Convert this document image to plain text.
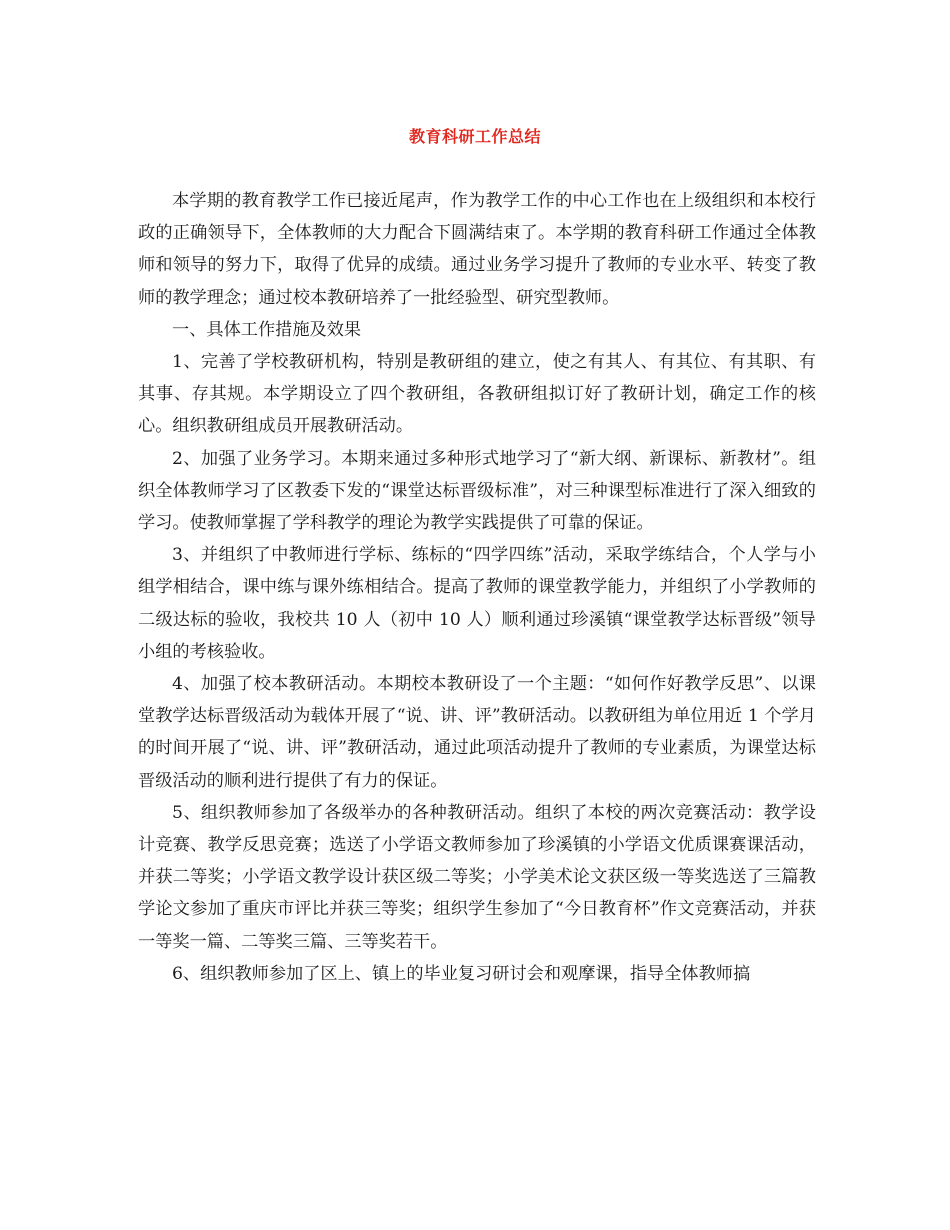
教育科研工作总结

本学期的教育教学工作已接近尾声，作为教学工作的中心工作也在上级组织和本校行政的正确领导下，全体教师的大力配合下圆满结束了。本学期的教育科研工作通过全体教师和领导的努力下，取得了优异的成绩。通过业务学习提升了教师的专业水平、转变了教师的教学理念；通过校本教研培养了一批经验型、研究型教师。

一、具体工作措施及效果

1、完善了学校教研机构，特别是教研组的建立，使之有其人、有其位、有其职、有其事、存其规。本学期设立了四个教研组，各教研组拟订好了教研计划，确定工作的核心。组织教研组成员开展教研活动。

2、加强了业务学习。本期来通过多种形式地学习了“新大纲、新课标、新教材”。组织全体教师学习了区教委下发的“课堂达标晋级标准”，对三种课型标准进行了深入细致的学习。使教师掌握了学科教学的理论为教学实践提供了可靠的保证。

3、并组织了中教师进行学标、练标的“四学四练”活动，采取学练结合，个人学与小组学相结合，课中练与课外练相结合。提高了教师的课堂教学能力，并组织了小学教师的二级达标的验收，我校共 10 人（初中 10 人）顺利通过珍溪镇“课堂教学达标晋级”领导小组的考核验收。

4、加强了校本教研活动。本期校本教研设了一个主题：“如何作好教学反思”、以课堂教学达标晋级活动为载体开展了“说、讲、评”教研活动。以教研组为单位用近 1 个学月的时间开展了“说、讲、评”教研活动，通过此项活动提升了教师的专业素质，为课堂达标晋级活动的顺利进行提供了有力的保证。

5、组织教师参加了各级举办的各种教研活动。组织了本校的两次竞赛活动：教学设计竞赛、教学反思竞赛；选送了小学语文教师参加了珍溪镇的小学语文优质课赛课活动，并获二等奖；小学语文教学设计获区级二等奖；小学美术论文获区级一等奖选送了三篇教学论文参加了重庆市评比并获三等奖；组织学生参加了“今日教育杯”作文竞赛活动，并获一等奖一篇、二等奖三篇、三等奖若干。

6、组织教师参加了区上、镇上的毕业复习研讨会和观摩课，指导全体教师搞
